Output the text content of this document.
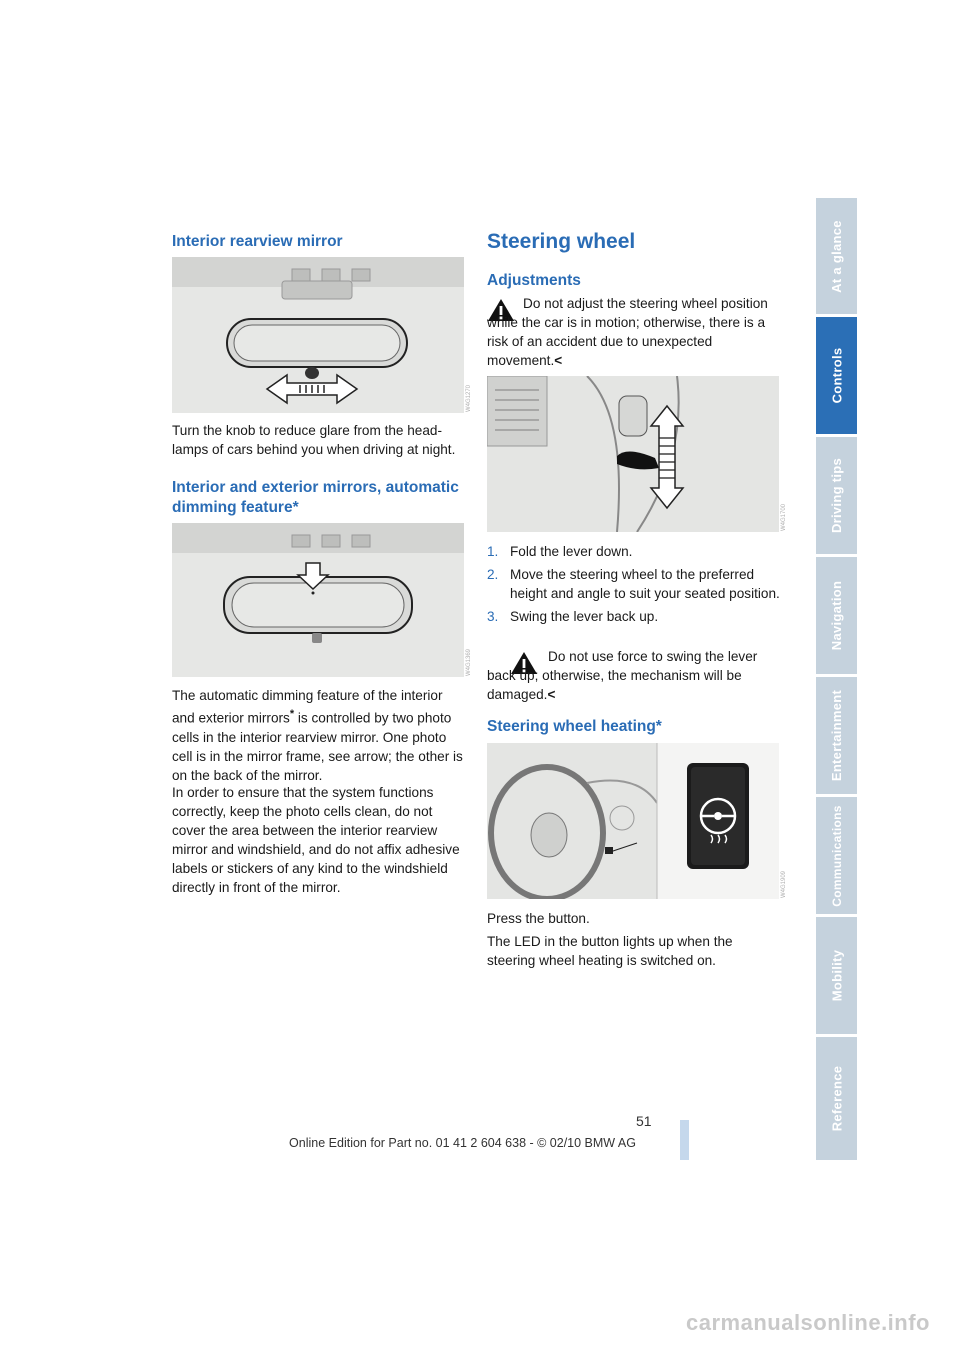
Interior rearview mirror
W4G1270

Turn the knob to reduce glare from the head-lamps of cars behind you when driving at night.

Interior and exterior mirrors, automatic dimming feature*
W4G1369

The automatic dimming feature of the interior and exterior mirrors* is controlled by two photo cells in the interior rearview mirror. One photo cell is in the mirror frame, see arrow; the other is on the back of the mirror.

In order to ensure that the system functions correctly, keep the photo cells clean, do not cover the area between the interior rearview mirror and windshield, and do not affix adhesive labels or stickers of any kind to the windshield directly in front of the mirror.

Steering wheel
Adjustments

Do not adjust the steering wheel position while the car is in motion; otherwise, there is a risk of an accident due to unexpected movement.<

W4G1700
1. Fold the lever down.
2. Move the steering wheel to the preferred height and angle to suit your seated position.
3. Swing the lever back up.

Do not use force to swing the lever back up; otherwise, the mechanism will be damaged.<

Steering wheel heating*
W4G1909

Press the button.

The LED in the button lights up when the steering wheel heating is switched on.

At a glance
Controls
Driving tips
Navigation
Entertainment
Communications
Mobility
Reference
51
Online Edition for Part no. 01 41 2 604 638 - © 02/10 BMW AG
carmanualsonline.info
